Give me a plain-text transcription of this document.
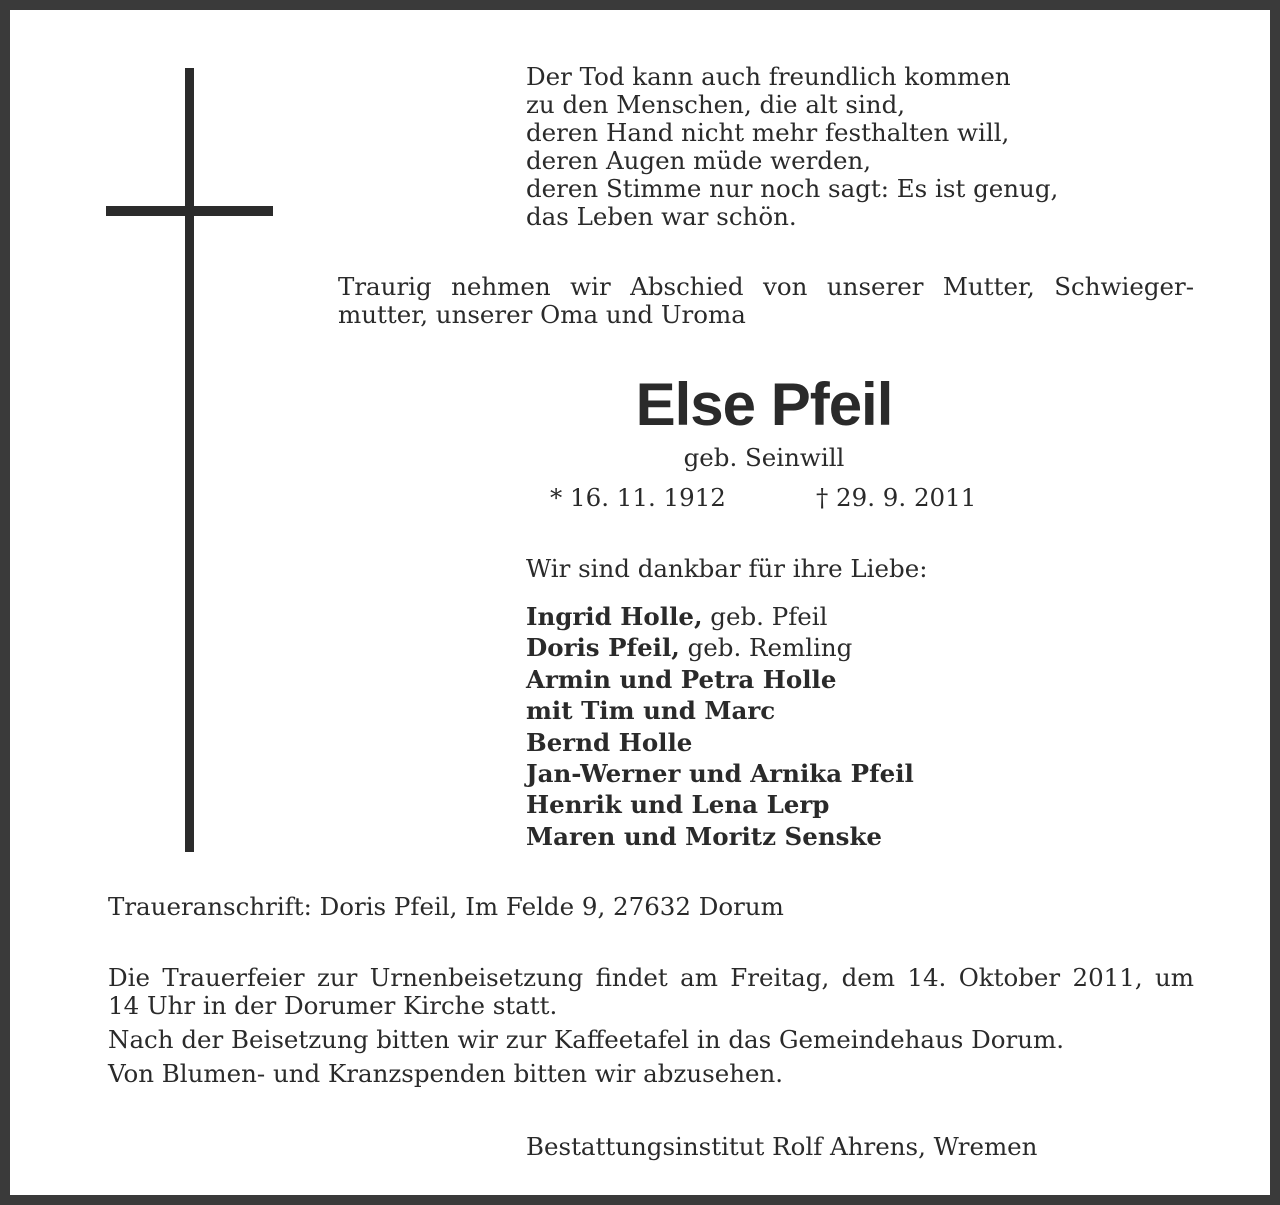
Der Tod kann auch freundlich kommen
zu den Menschen, die alt sind,
deren Hand nicht mehr festhalten will,
deren Augen müde werden,
deren Stimme nur noch sagt: Es ist genug,
das Leben war schön.
Traurig nehmen wir Abschied von unserer Mutter, Schwieger-
mutter, unserer Oma und Uroma
Else Pfeil
geb. Seinwill
* 16. 11. 1912	† 29. 9. 2011
Wir sind dankbar für ihre Liebe:
Ingrid Holle, geb. Pfeil
Doris Pfeil, geb. Remling
Armin und Petra Holle
mit Tim und Marc
Bernd Holle
Jan-Werner und Arnika Pfeil
Henrik und Lena Lerp
Maren und Moritz Senske
Traueranschrift: Doris Pfeil, Im Felde 9, 27632 Dorum
Die Trauerfeier zur Urnenbeisetzung findet am Freitag, dem 14. Oktober 2011, um
14 Uhr in der Dorumer Kirche statt.
Nach der Beisetzung bitten wir zur Kaffeetafel in das Gemeindehaus Dorum.
Von Blumen- und Kranzspenden bitten wir abzusehen.
Bestattungsinstitut Rolf Ahrens, Wremen
